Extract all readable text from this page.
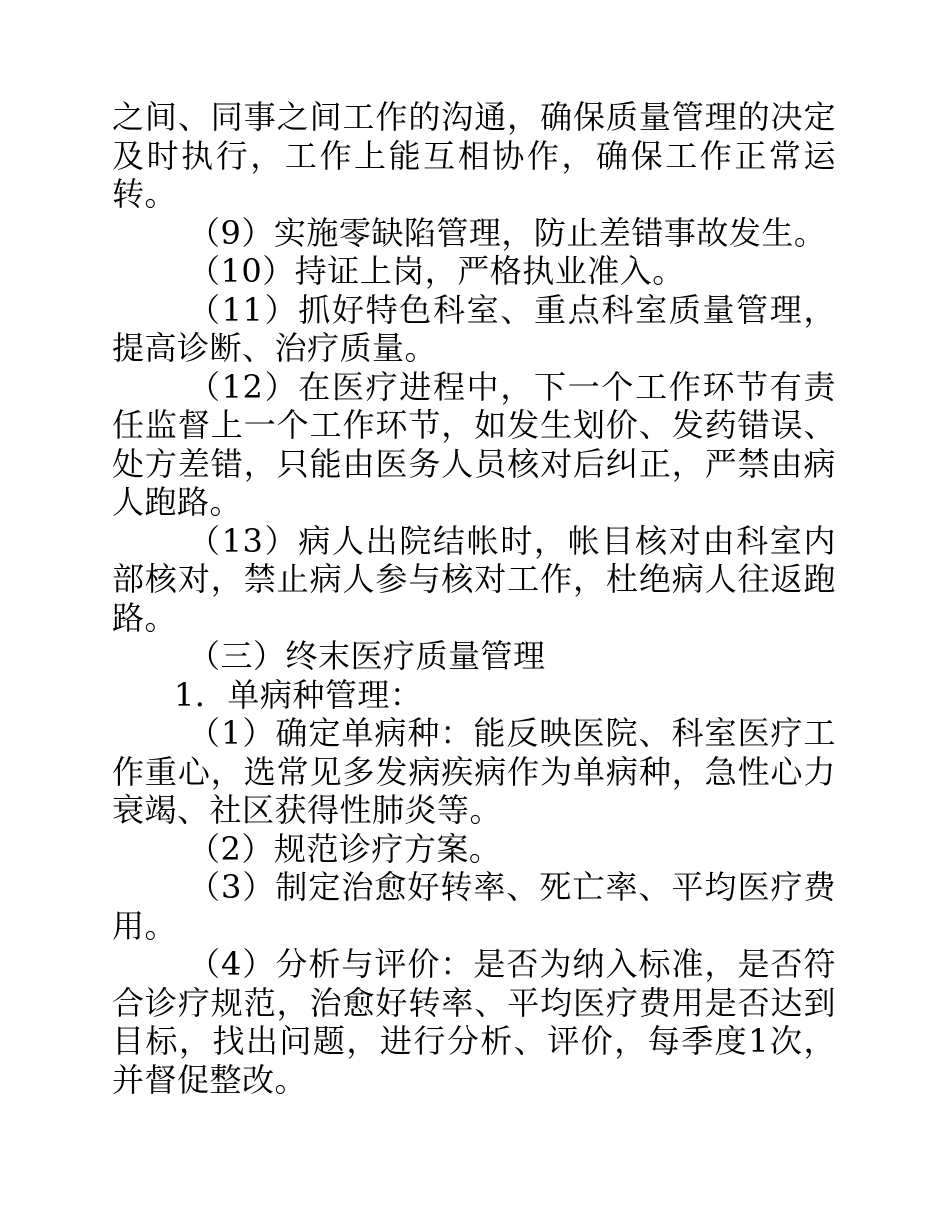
之间、同事之间工作的沟通，确保质量管理的决定及时执行，工作上能互相协作，确保工作正常运转。

（9）实施零缺陷管理，防止差错事故发生。

（10）持证上岗，严格执业准入。

（11）抓好特色科室、重点科室质量管理，提高诊断、治疗质量。

（12）在医疗进程中，下一个工作环节有责任监督上一个工作环节，如发生划价、发药错误、处方差错，只能由医务人员核对后纠正，严禁由病人跑路。

（13）病人出院结帐时，帐目核对由科室内部核对，禁止病人参与核对工作，杜绝病人往返跑路。

（三）终末医疗质量管理

1．单病种管理：

（1）确定单病种：能反映医院、科室医疗工作重心，选常见多发病疾病作为单病种，急性心力衰竭、社区获得性肺炎等。

（2）规范诊疗方案。

（3）制定治愈好转率、死亡率、平均医疗费用。

（4）分析与评价：是否为纳入标准，是否符合诊疗规范，治愈好转率、平均医疗费用是否达到目标，找出问题，进行分析、评价，每季度1次，并督促整改。
